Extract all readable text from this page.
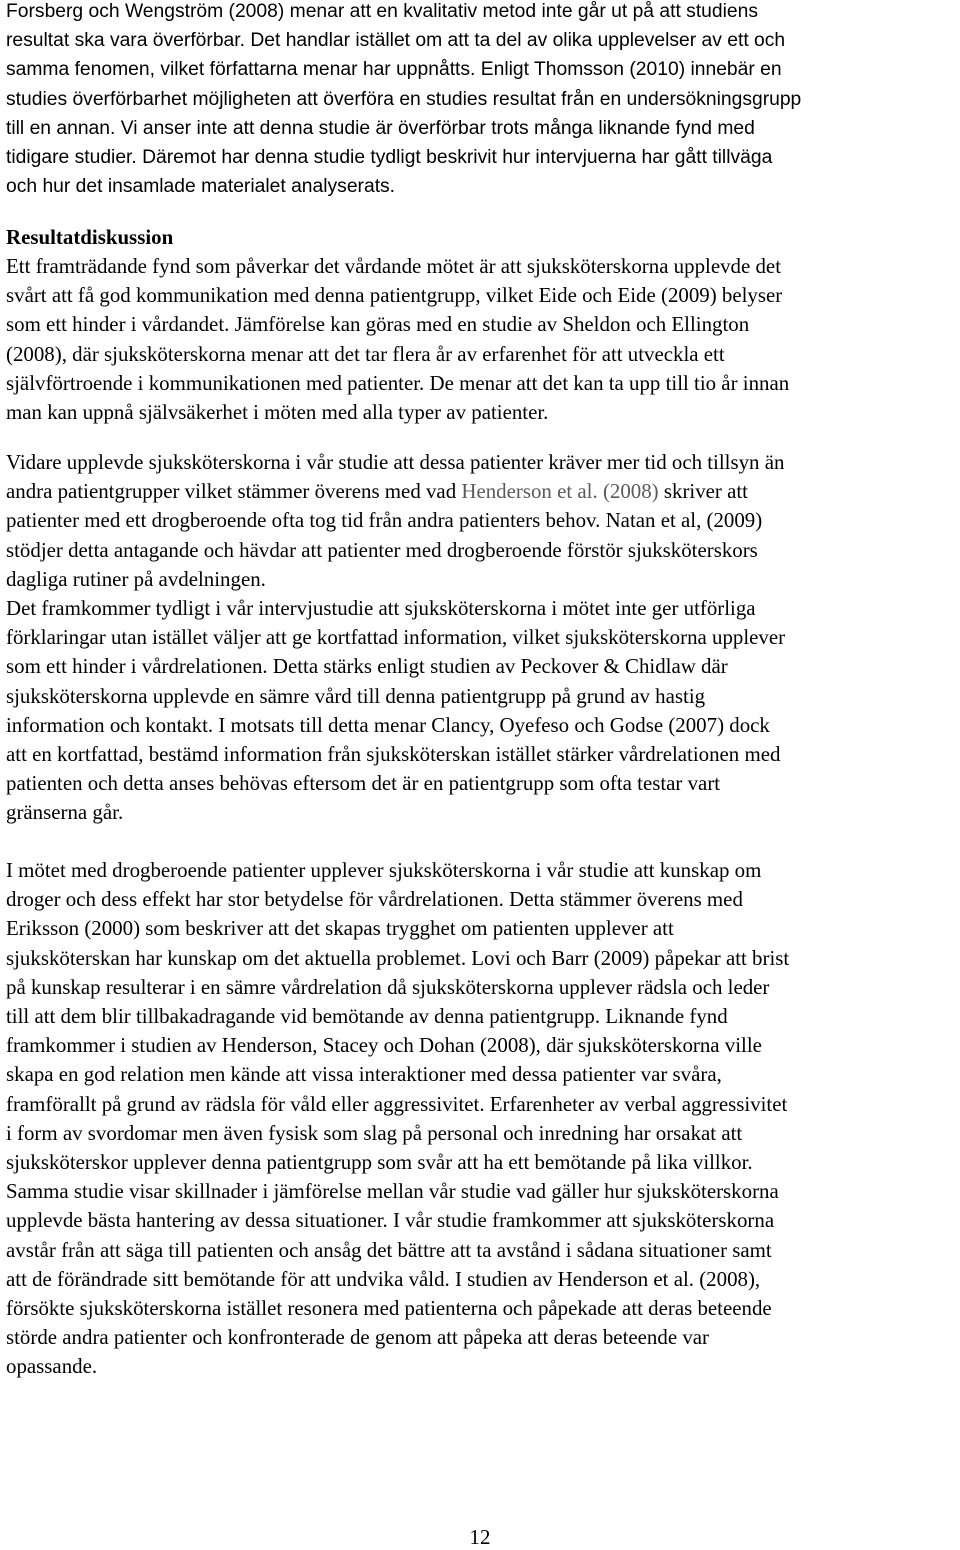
Forsberg och Wengström (2008) menar att en kvalitativ metod inte går ut på att studiens
resultat ska vara överförbar. Det handlar istället om att ta del av olika upplevelser av ett och
samma fenomen, vilket författarna menar har uppnåtts. Enligt Thomsson (2010) innebär en
studies överförbarhet möjligheten att överföra en studies resultat från en undersökningsgrupp
till en annan. Vi anser inte att denna studie är överförbar trots många liknande fynd med
tidigare studier. Däremot har denna studie tydligt beskrivit hur intervjuerna har gått tillväga
och hur det insamlade materialet analyserats.
Resultatdiskussion
Ett framträdande fynd som påverkar det vårdande mötet är att sjuksköterskorna upplevde det
svårt att få god kommunikation med denna patientgrupp, vilket Eide och Eide (2009) belyser
som ett hinder i vårdandet. Jämförelse kan göras med en studie av Sheldon och Ellington
(2008), där sjuksköterskorna menar att det tar flera år av erfarenhet för att utveckla ett
självförtroende i kommunikationen med patienter. De menar att det kan ta upp till tio år innan
man kan uppnå självsäkerhet i möten med alla typer av patienter.
Vidare upplevde sjuksköterskorna i vår studie att dessa patienter kräver mer tid och tillsyn än
andra patientgrupper vilket stämmer överens med vad Henderson et al. (2008) skriver att
patienter med ett drogberoende ofta tog tid från andra patienters behov. Natan et al, (2009)
stödjer detta antagande och hävdar att patienter med drogberoende förstör sjuksköterskors
dagliga rutiner på avdelningen.
Det framkommer tydligt i vår intervjustudie att sjuksköterskorna i mötet inte ger utförliga
förklaringar utan istället väljer att ge kortfattad information, vilket sjuksköterskorna upplever
som ett hinder i vårdrelationen. Detta stärks enligt studien av Peckover & Chidlaw där
sjuksköterskorna upplevde en sämre vård till denna patientgrupp på grund av hastig
information och kontakt. I motsats till detta menar Clancy, Oyefeso och Godse (2007) dock
att en kortfattad, bestämd information från sjuksköterskan istället stärker vårdrelationen med
patienten och detta anses behövas eftersom det är en patientgrupp som ofta testar vart
gränserna går.
I mötet med drogberoende patienter upplever sjuksköterskorna i vår studie att kunskap om
droger och dess effekt har stor betydelse för vårdrelationen. Detta stämmer överens med
Eriksson (2000) som beskriver att det skapas trygghet om patienten upplever att
sjuksköterskan har kunskap om det aktuella problemet. Lovi och Barr (2009) påpekar att brist
på kunskap resulterar i en sämre vårdrelation då sjuksköterskorna upplever rädsla och leder
till att dem blir tillbakadragande vid bemötande av denna patientgrupp. Liknande fynd
framkommer i studien av Henderson, Stacey och Dohan (2008), där sjuksköterskorna ville
skapa en god relation men kände att vissa interaktioner med dessa patienter var svåra,
framförallt på grund av rädsla för våld eller aggressivitet. Erfarenheter av verbal aggressivitet
i form av svordomar men även fysisk som slag på personal och inredning har orsakat att
sjuksköterskor upplever denna patientgrupp som svår att ha ett bemötande på lika villkor.
Samma studie visar skillnader i jämförelse mellan vår studie vad gäller hur sjuksköterskorna
upplevde bästa hantering av dessa situationer. I vår studie framkommer att sjuksköterskorna
avstår från att säga till patienten och ansåg det bättre att ta avstånd i sådana situationer samt
att de förändrade sitt bemötande för att undvika våld. I studien av Henderson et al. (2008),
försökte sjuksköterskorna istället resonera med patienterna och påpekade att deras beteende
störde andra patienter och konfronterade de genom att påpeka att deras beteende var
opassande.
12
